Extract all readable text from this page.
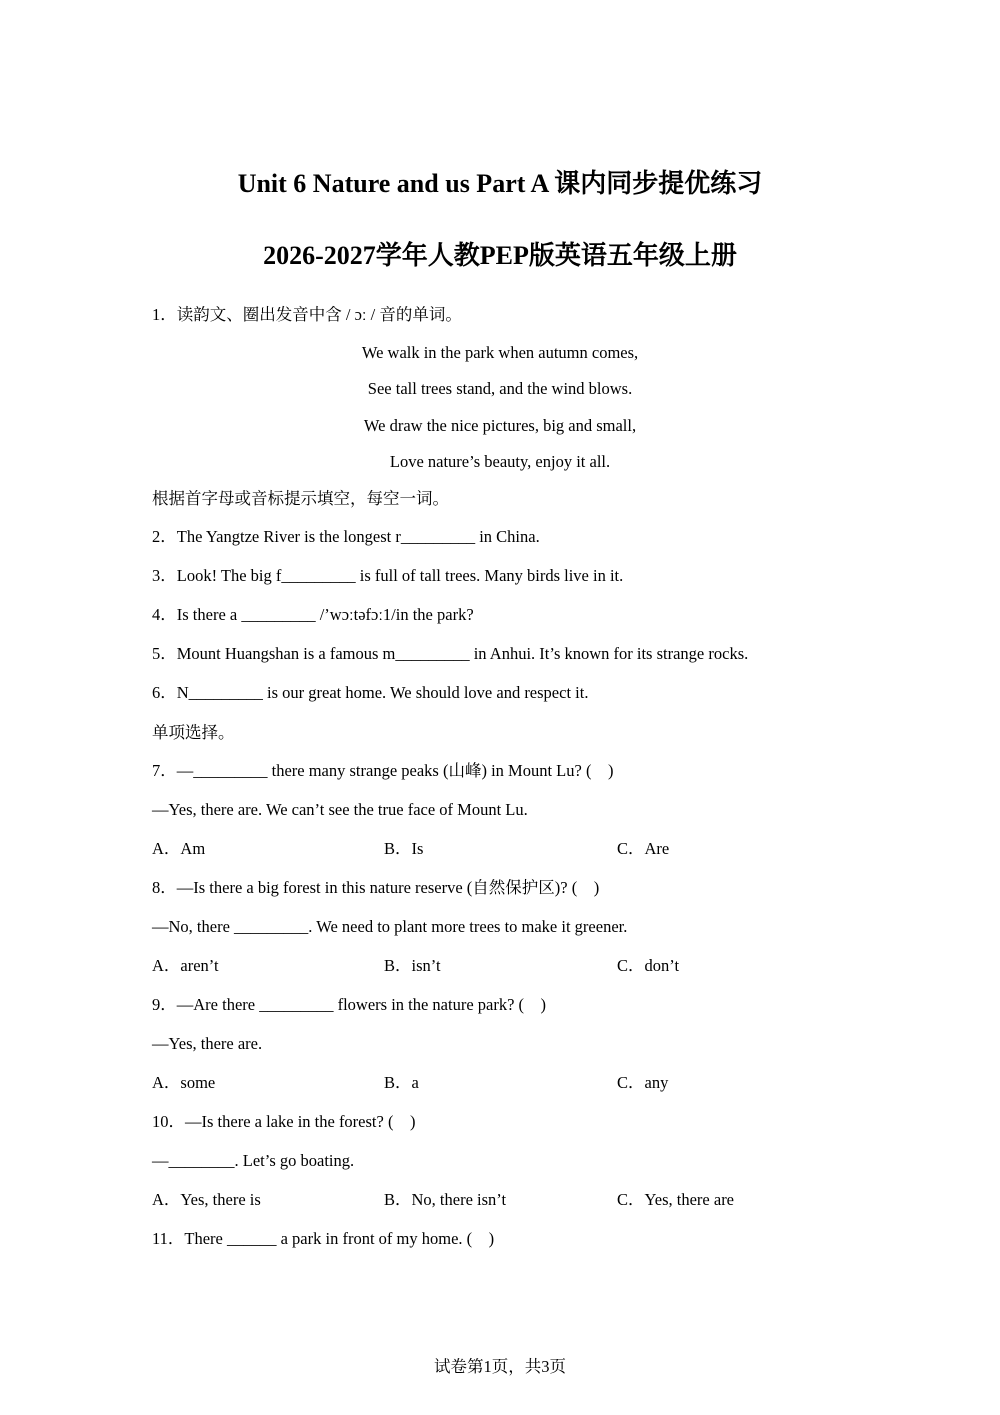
Unit 6 Nature and us Part A 课内同步提优练习
2026-2027学年人教PEP版英语五年级上册
1．读韵文、圈出发音中含 / ɔː / 音的单词。
We walk in the park when autumn comes,
See tall trees stand, and the wind blows.
We draw the nice pictures, big and small,
Love nature’s beauty, enjoy it all.
根据首字母或音标提示填空，每空一词。
2．The Yangtze River is the longest r_________ in China.
3．Look! The big f_________ is full of tall trees. Many birds live in it.
4．Is there a _________ /’wɔːtəfɔː1/in the park?
5．Mount Huangshan is a famous m_________ in Anhui. It’s known for its strange rocks.
6．N_________ is our great home. We should love and respect it.
单项选择。
7．—_________ there many strange peaks (山峰) in Mount Lu? (　)
—Yes, there are. We can’t see the true face of Mount Lu.
A．Am	B．Is	C．Are
8．—Is there a big forest in this nature reserve (自然保护区)? (　)
—No, there _________. We need to plant more trees to make it greener.
A．aren’t	B．isn’t	C．don’t
9．—Are there _________ flowers in the nature park? (　)
—Yes, there are.
A．some	B．a	C．any
10．—Is there a lake in the forest? (　)
—________. Let’s go boating.
A．Yes, there is	B．No, there isn’t	C．Yes, there are
11．There ______ a park in front of my home. (　)
试卷第1页，共3页
